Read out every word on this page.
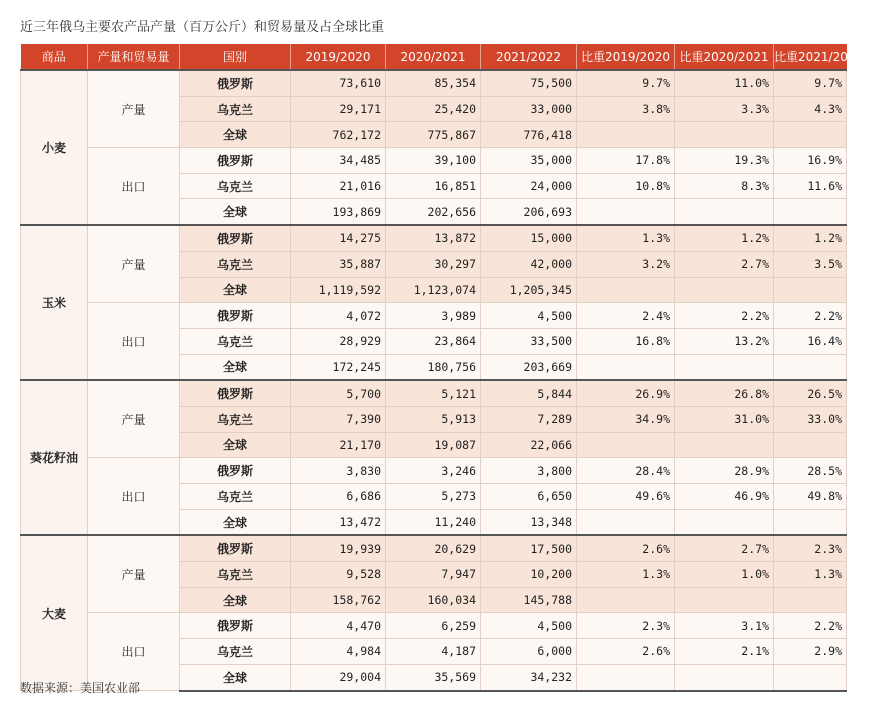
近三年俄乌主要农产品产量（百万公斤）和贸易量及占全球比重
商品	产量和贸易量	国别	2019/2020	2020/2021	2021/2022	比重2019/2020	比重2020/2021	比重2021/2022
小麦	产量	俄罗斯	73,610	85,354	75,500	9.7%	11.0%	9.7%
		乌克兰	29,171	25,420	33,000	3.8%	3.3%	4.3%
		全球	762,172	775,867	776,418			
	出口	俄罗斯	34,485	39,100	35,000	17.8%	19.3%	16.9%
		乌克兰	21,016	16,851	24,000	10.8%	8.3%	11.6%
		全球	193,869	202,656	206,693			
玉米	产量	俄罗斯	14,275	13,872	15,000	1.3%	1.2%	1.2%
		乌克兰	35,887	30,297	42,000	3.2%	2.7%	3.5%
		全球	1,119,592	1,123,074	1,205,345			
	出口	俄罗斯	4,072	3,989	4,500	2.4%	2.2%	2.2%
		乌克兰	28,929	23,864	33,500	16.8%	13.2%	16.4%
		全球	172,245	180,756	203,669			
葵花籽油	产量	俄罗斯	5,700	5,121	5,844	26.9%	26.8%	26.5%
		乌克兰	7,390	5,913	7,289	34.9%	31.0%	33.0%
		全球	21,170	19,087	22,066			
	出口	俄罗斯	3,830	3,246	3,800	28.4%	28.9%	28.5%
		乌克兰	6,686	5,273	6,650	49.6%	46.9%	49.8%
		全球	13,472	11,240	13,348			
大麦	产量	俄罗斯	19,939	20,629	17,500	2.6%	2.7%	2.3%
		乌克兰	9,528	7,947	10,200	1.3%	1.0%	1.3%
		全球	158,762	160,034	145,788			
	出口	俄罗斯	4,470	6,259	4,500	2.3%	3.1%	2.2%
		乌克兰	4,984	4,187	6,000	2.6%	2.1%	2.9%
		全球	29,004	35,569	34,232			
数据来源：美国农业部
